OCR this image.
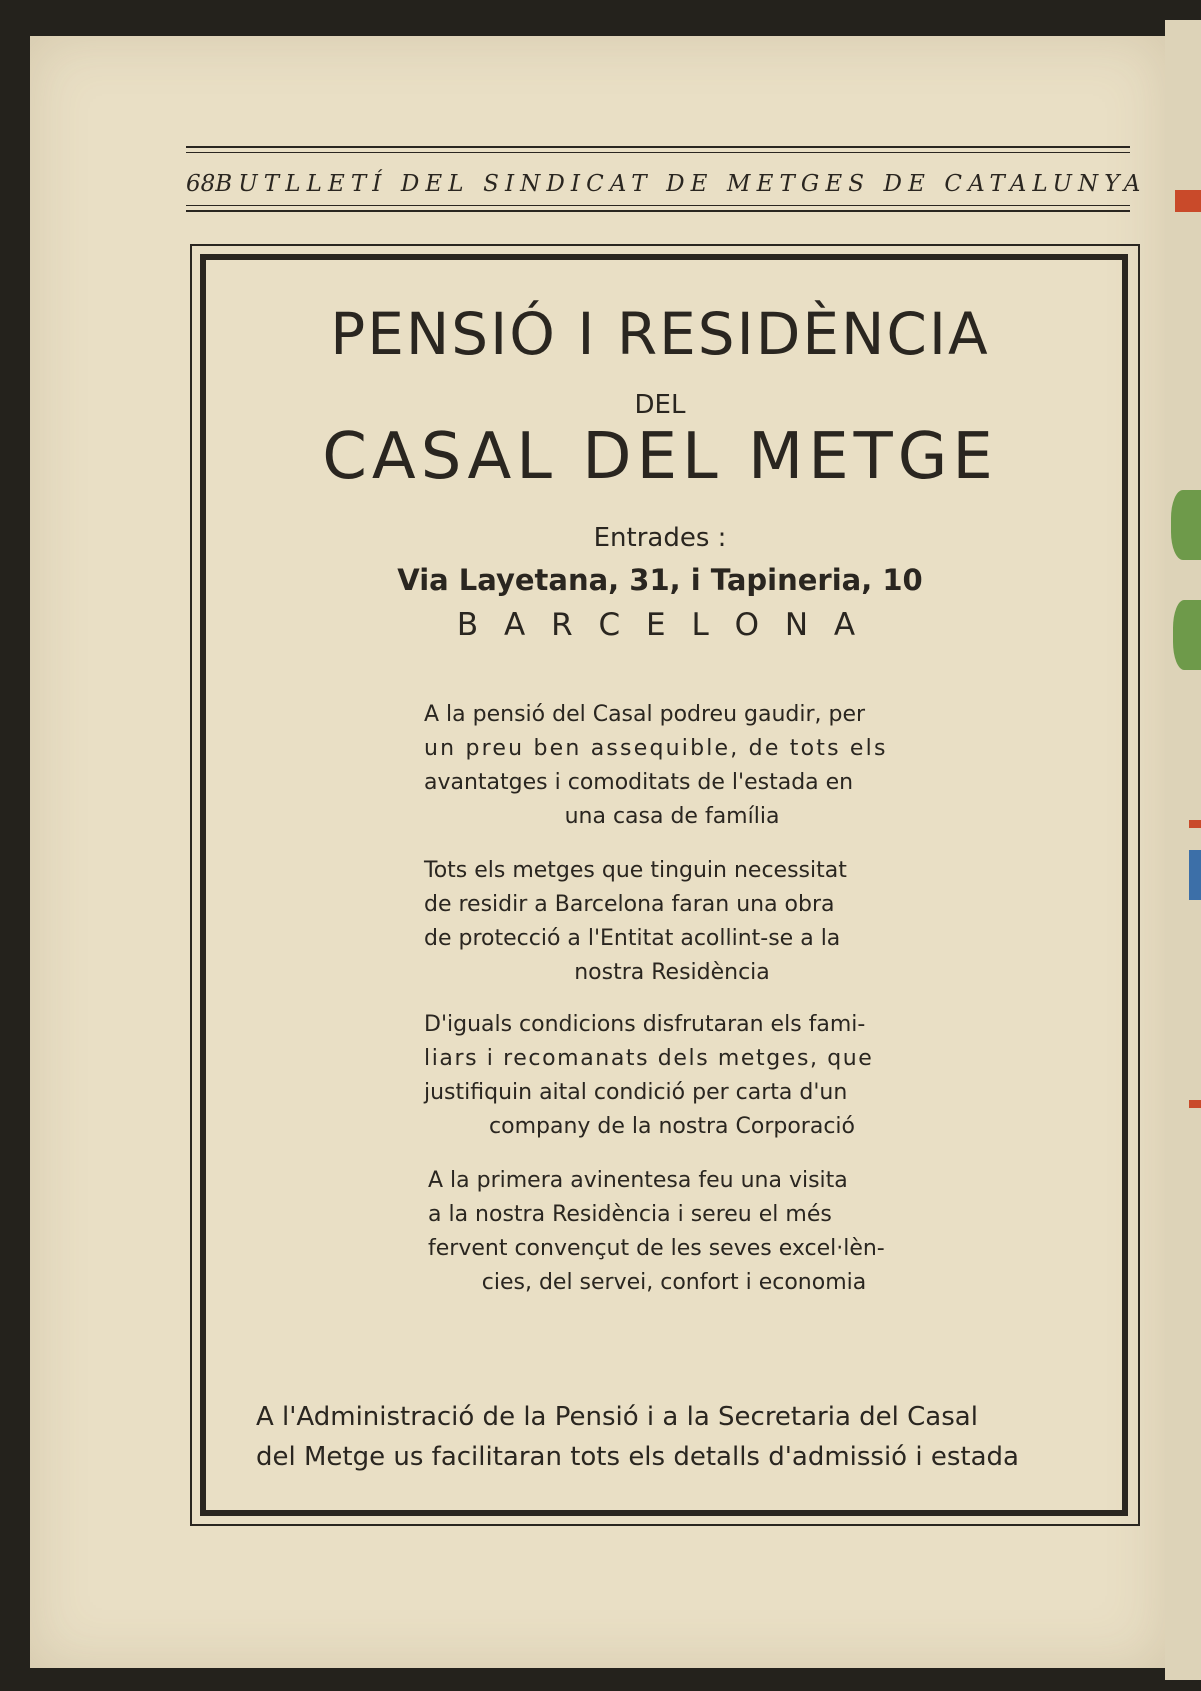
68 BUTLLETÍ DEL SINDICAT DE METGES DE CATALUNYA
PENSIÓ I RESIDÈNCIA
DEL
CASAL DEL METGE
Entrades :
Via Layetana, 31, i Tapineria, 10
B A R C E L O N A
A la pensió del Casal podreu gaudir, per
un preu ben assequible, de tots els
avantatges i comoditats de l'estada en
una casa de família
Tots els metges que tinguin necessitat
de residir a Barcelona faran una obra
de protecció a l'Entitat acollint-se a la
nostra Residència
D'iguals condicions disfrutaran els fami-
liars i recomanats dels metges, que
justifiquin aital condició per carta d'un
company de la nostra Corporació
A la primera avinentesa feu una visita
a la nostra Residència i sereu el més
fervent convençut de les seves excel·lèn-
cies, del servei, confort i economia
A l'Administració de la Pensió i a la Secretaria del Casal
del Metge us facilitaran tots els detalls d'admissió i estada
